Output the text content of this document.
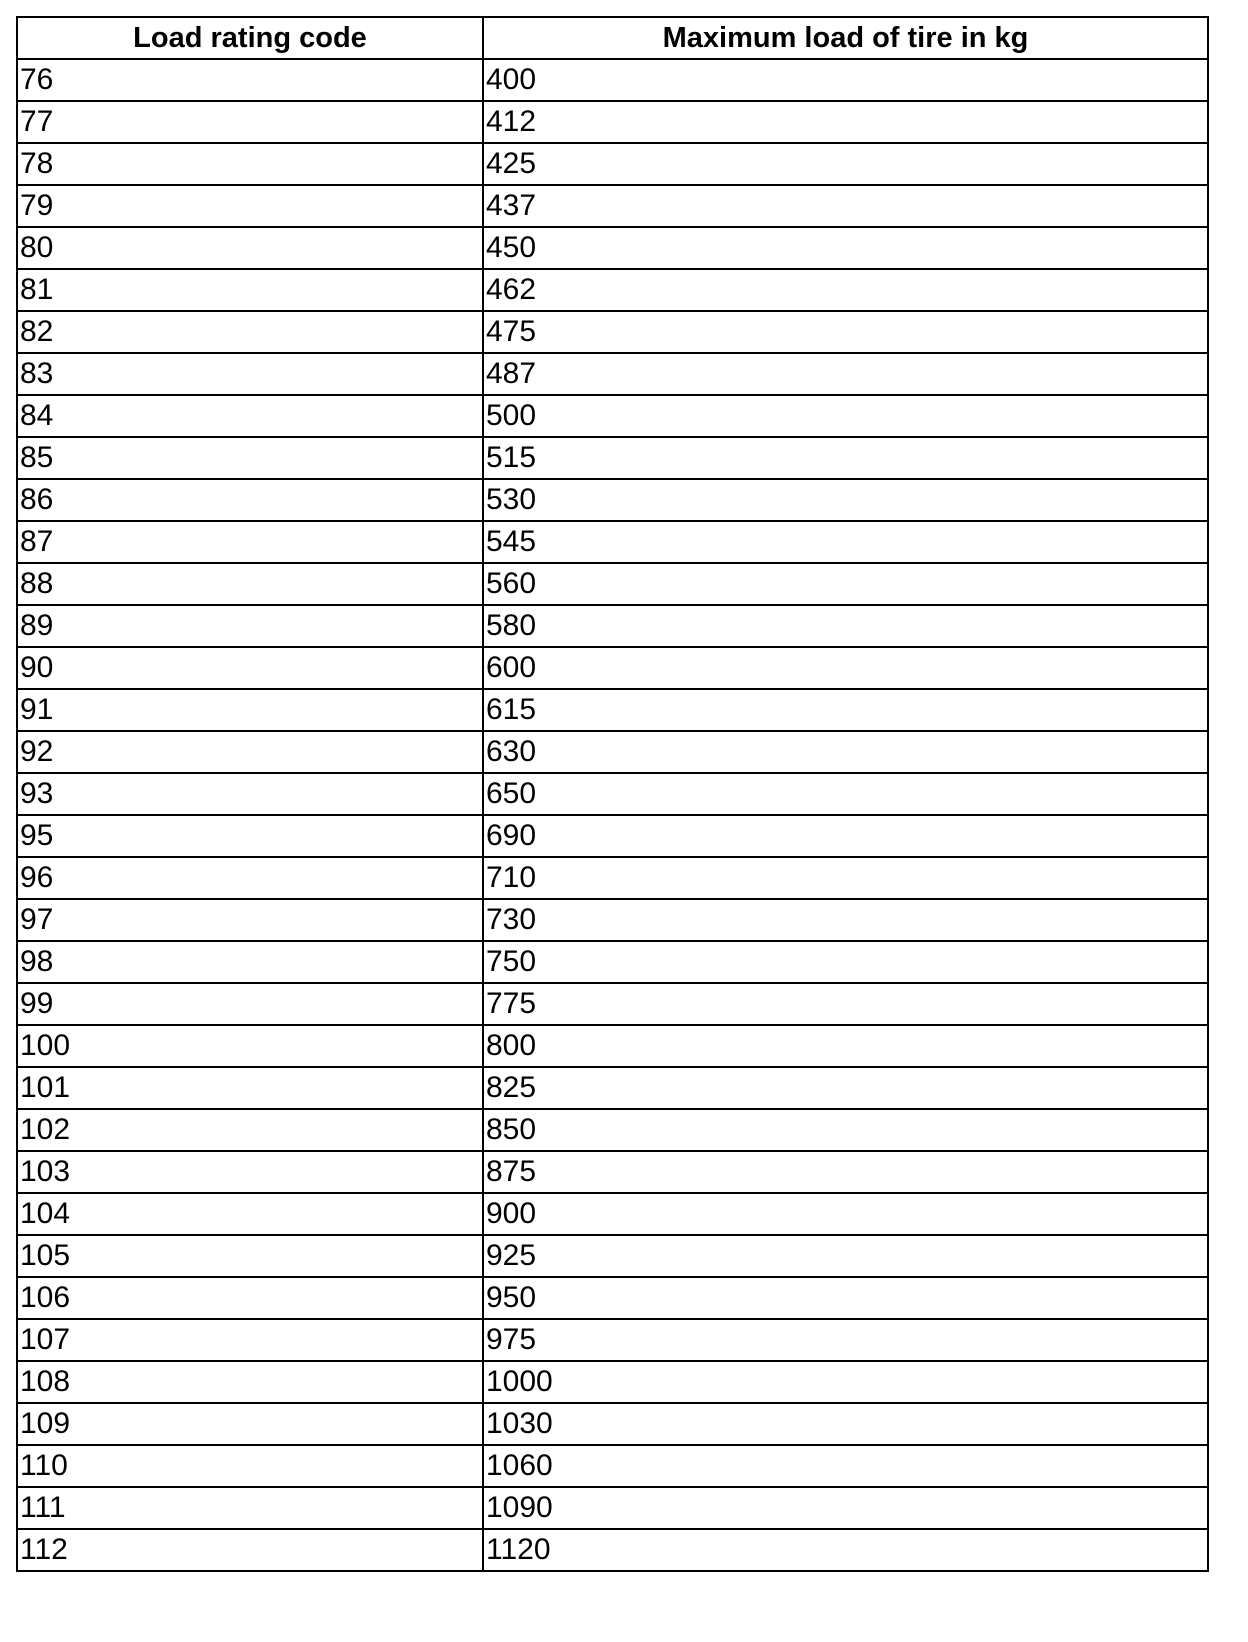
Load rating code	Maximum load of tire in kg
76	400
77	412
78	425
79	437
80	450
81	462
82	475
83	487
84	500
85	515
86	530
87	545
88	560
89	580
90	600
91	615
92	630
93	650
95	690
96	710
97	730
98	750
99	775
100	800
101	825
102	850
103	875
104	900
105	925
106	950
107	975
108	1000
109	1030
110	1060
111	1090
112	1120
